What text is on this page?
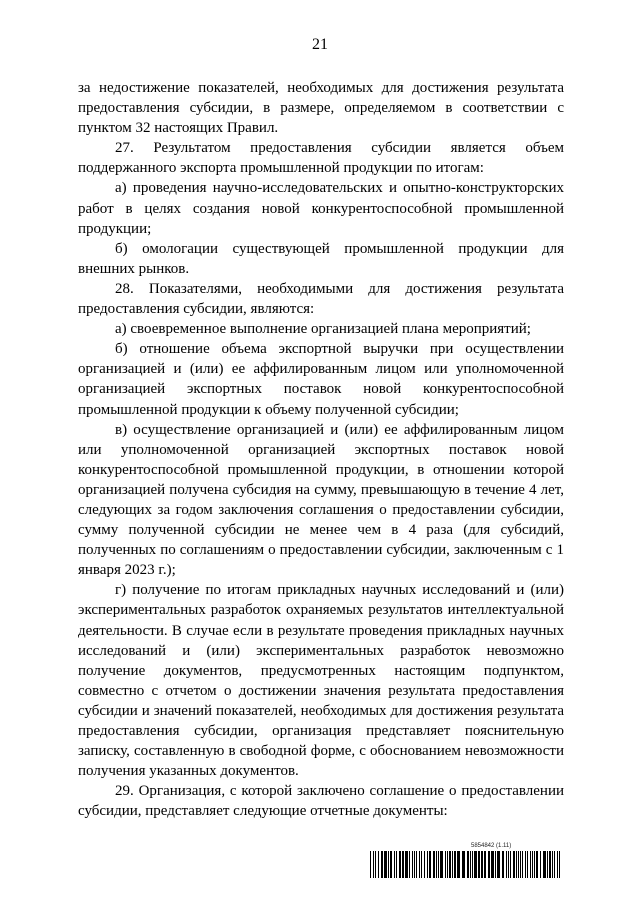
21

за недостижение показателей, необходимых для достижения результата предоставления субсидии, в размере, определяемом в соответствии с пунктом 32 настоящих Правил.

27. Результатом предоставления субсидии является объем поддержанного экспорта промышленной продукции по итогам:

а) проведения научно-исследовательских и опытно-конструкторских работ в целях создания новой конкурентоспособной промышленной продукции;

б) омологации существующей промышленной продукции для внешних рынков.

28. Показателями, необходимыми для достижения результата предоставления субсидии, являются:

а) своевременное выполнение организацией плана мероприятий;

б) отношение объема экспортной выручки при осуществлении организацией и (или) ее аффилированным лицом или уполномоченной организацией экспортных поставок новой конкурентоспособной промышленной продукции к объему полученной субсидии;

в) осуществление организацией и (или) ее аффилированным лицом или уполномоченной организацией экспортных поставок новой конкурентоспособной промышленной продукции, в отношении которой организацией получена субсидия на сумму, превышающую в течение 4 лет, следующих за годом заключения соглашения о предоставлении субсидии, сумму полученной субсидии не менее чем в 4 раза (для субсидий, полученных по соглашениям о предоставлении субсидии, заключенным с 1 января 2023 г.);

г) получение по итогам прикладных научных исследований и (или) экспериментальных разработок охраняемых результатов интеллектуальной деятельности. В случае если в результате проведения прикладных научных исследований и (или) экспериментальных разработок невозможно получение документов, предусмотренных настоящим подпунктом, совместно с отчетом о достижении значения результата предоставления субсидии и значений показателей, необходимых для достижения результата предоставления субсидии, организация представляет пояснительную записку, составленную в свободной форме, с обоснованием невозможности получения указанных документов.

29. Организация, с которой заключено соглашение о предоставлении субсидии, представляет следующие отчетные документы:

5854842 (1.11)
